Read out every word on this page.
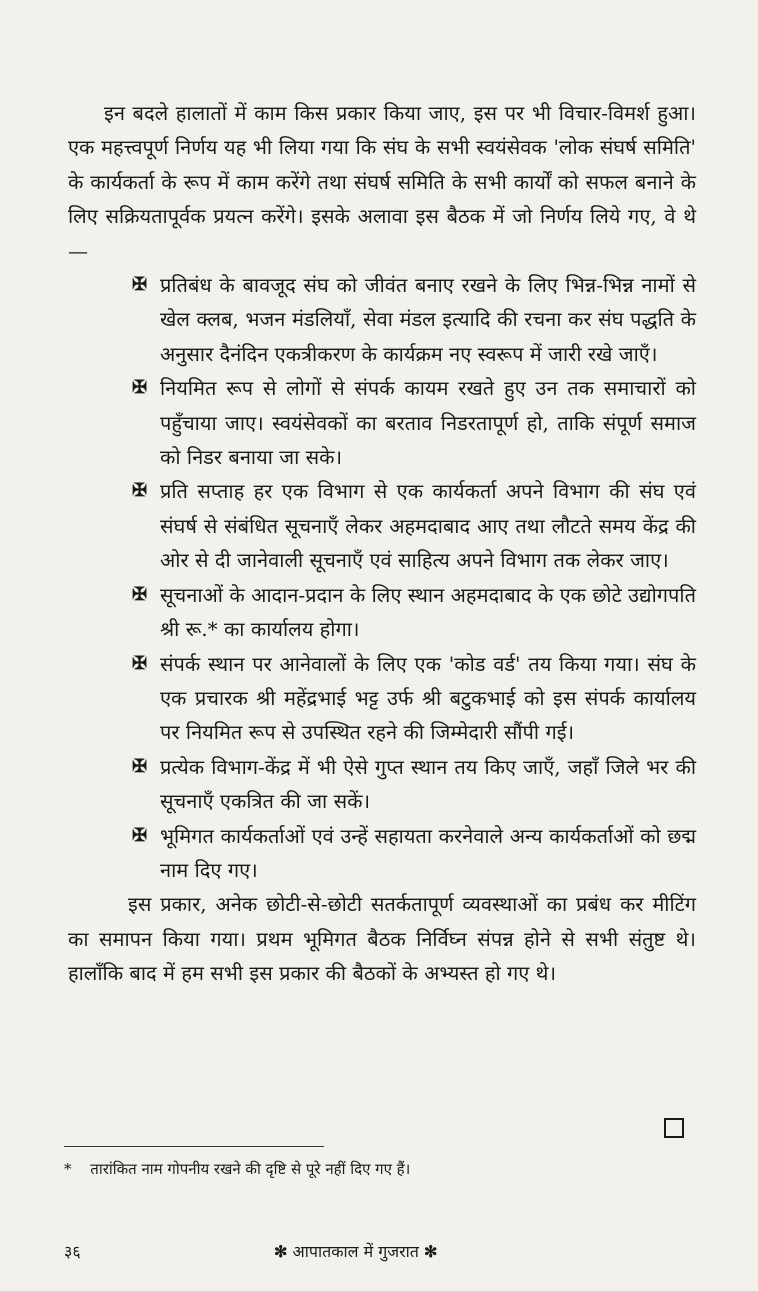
इन बदले हालातों में काम किस प्रकार किया जाए, इस पर भी विचार-विमर्श हुआ। एक महत्त्वपूर्ण निर्णय यह भी लिया गया कि संघ के सभी स्वयंसेवक 'लोक संघर्ष समिति' के कार्यकर्ता के रूप में काम करेंगे तथा संघर्ष समिति के सभी कार्यों को सफल बनाने के लिए सक्रियतापूर्वक प्रयत्न करेंगे। इसके अलावा इस बैठक में जो निर्णय लिये गए, वे थे—

✠ प्रतिबंध के बावजूद संघ को जीवंत बनाए रखने के लिए भिन्न-भिन्न नामों से खेल क्लब, भजन मंडलियाँ, सेवा मंडल इत्यादि की रचना कर संघ पद्धति के अनुसार दैनंदिन एकत्रीकरण के कार्यक्रम नए स्वरूप में जारी रखे जाएँ।
✠ नियमित रूप से लोगों से संपर्क कायम रखते हुए उन तक समाचारों को पहुँचाया जाए। स्वयंसेवकों का बरताव निडरतापूर्ण हो, ताकि संपूर्ण समाज को निडर बनाया जा सके।
✠ प्रति सप्ताह हर एक विभाग से एक कार्यकर्ता अपने विभाग की संघ एवं संघर्ष से संबंधित सूचनाएँ लेकर अहमदाबाद आए तथा लौटते समय केंद्र की ओर से दी जानेवाली सूचनाएँ एवं साहित्य अपने विभाग तक लेकर जाए।
✠ सूचनाओं के आदान-प्रदान के लिए स्थान अहमदाबाद के एक छोटे उद्योगपति श्री रू.* का कार्यालय होगा।
✠ संपर्क स्थान पर आनेवालों के लिए एक 'कोड वर्ड' तय किया गया। संघ के एक प्रचारक श्री महेंद्रभाई भट्ट उर्फ श्री बटुकभाई को इस संपर्क कार्यालय पर नियमित रूप से उपस्थित रहने की जिम्मेदारी सौंपी गई।
✠ प्रत्येक विभाग-केंद्र में भी ऐसे गुप्त स्थान तय किए जाएँ, जहाँ जिले भर की सूचनाएँ एकत्रित की जा सकें।
✠ भूमिगत कार्यकर्ताओं एवं उन्हें सहायता करनेवाले अन्य कार्यकर्ताओं को छद्म नाम दिए गए।

इस प्रकार, अनेक छोटी-से-छोटी सतर्कतापूर्ण व्यवस्थाओं का प्रबंध कर मीटिंग का समापन किया गया। प्रथम भूमिगत बैठक निर्विघ्न संपन्न होने से सभी संतुष्ट थे। हालाँकि बाद में हम सभी इस प्रकार की बैठकों के अभ्यस्त हो गए थे।

* तारांकित नाम गोपनीय रखने की दृष्टि से पूरे नहीं दिए गए हैं।
३६	✻ आपातकाल में गुजरात ✻
